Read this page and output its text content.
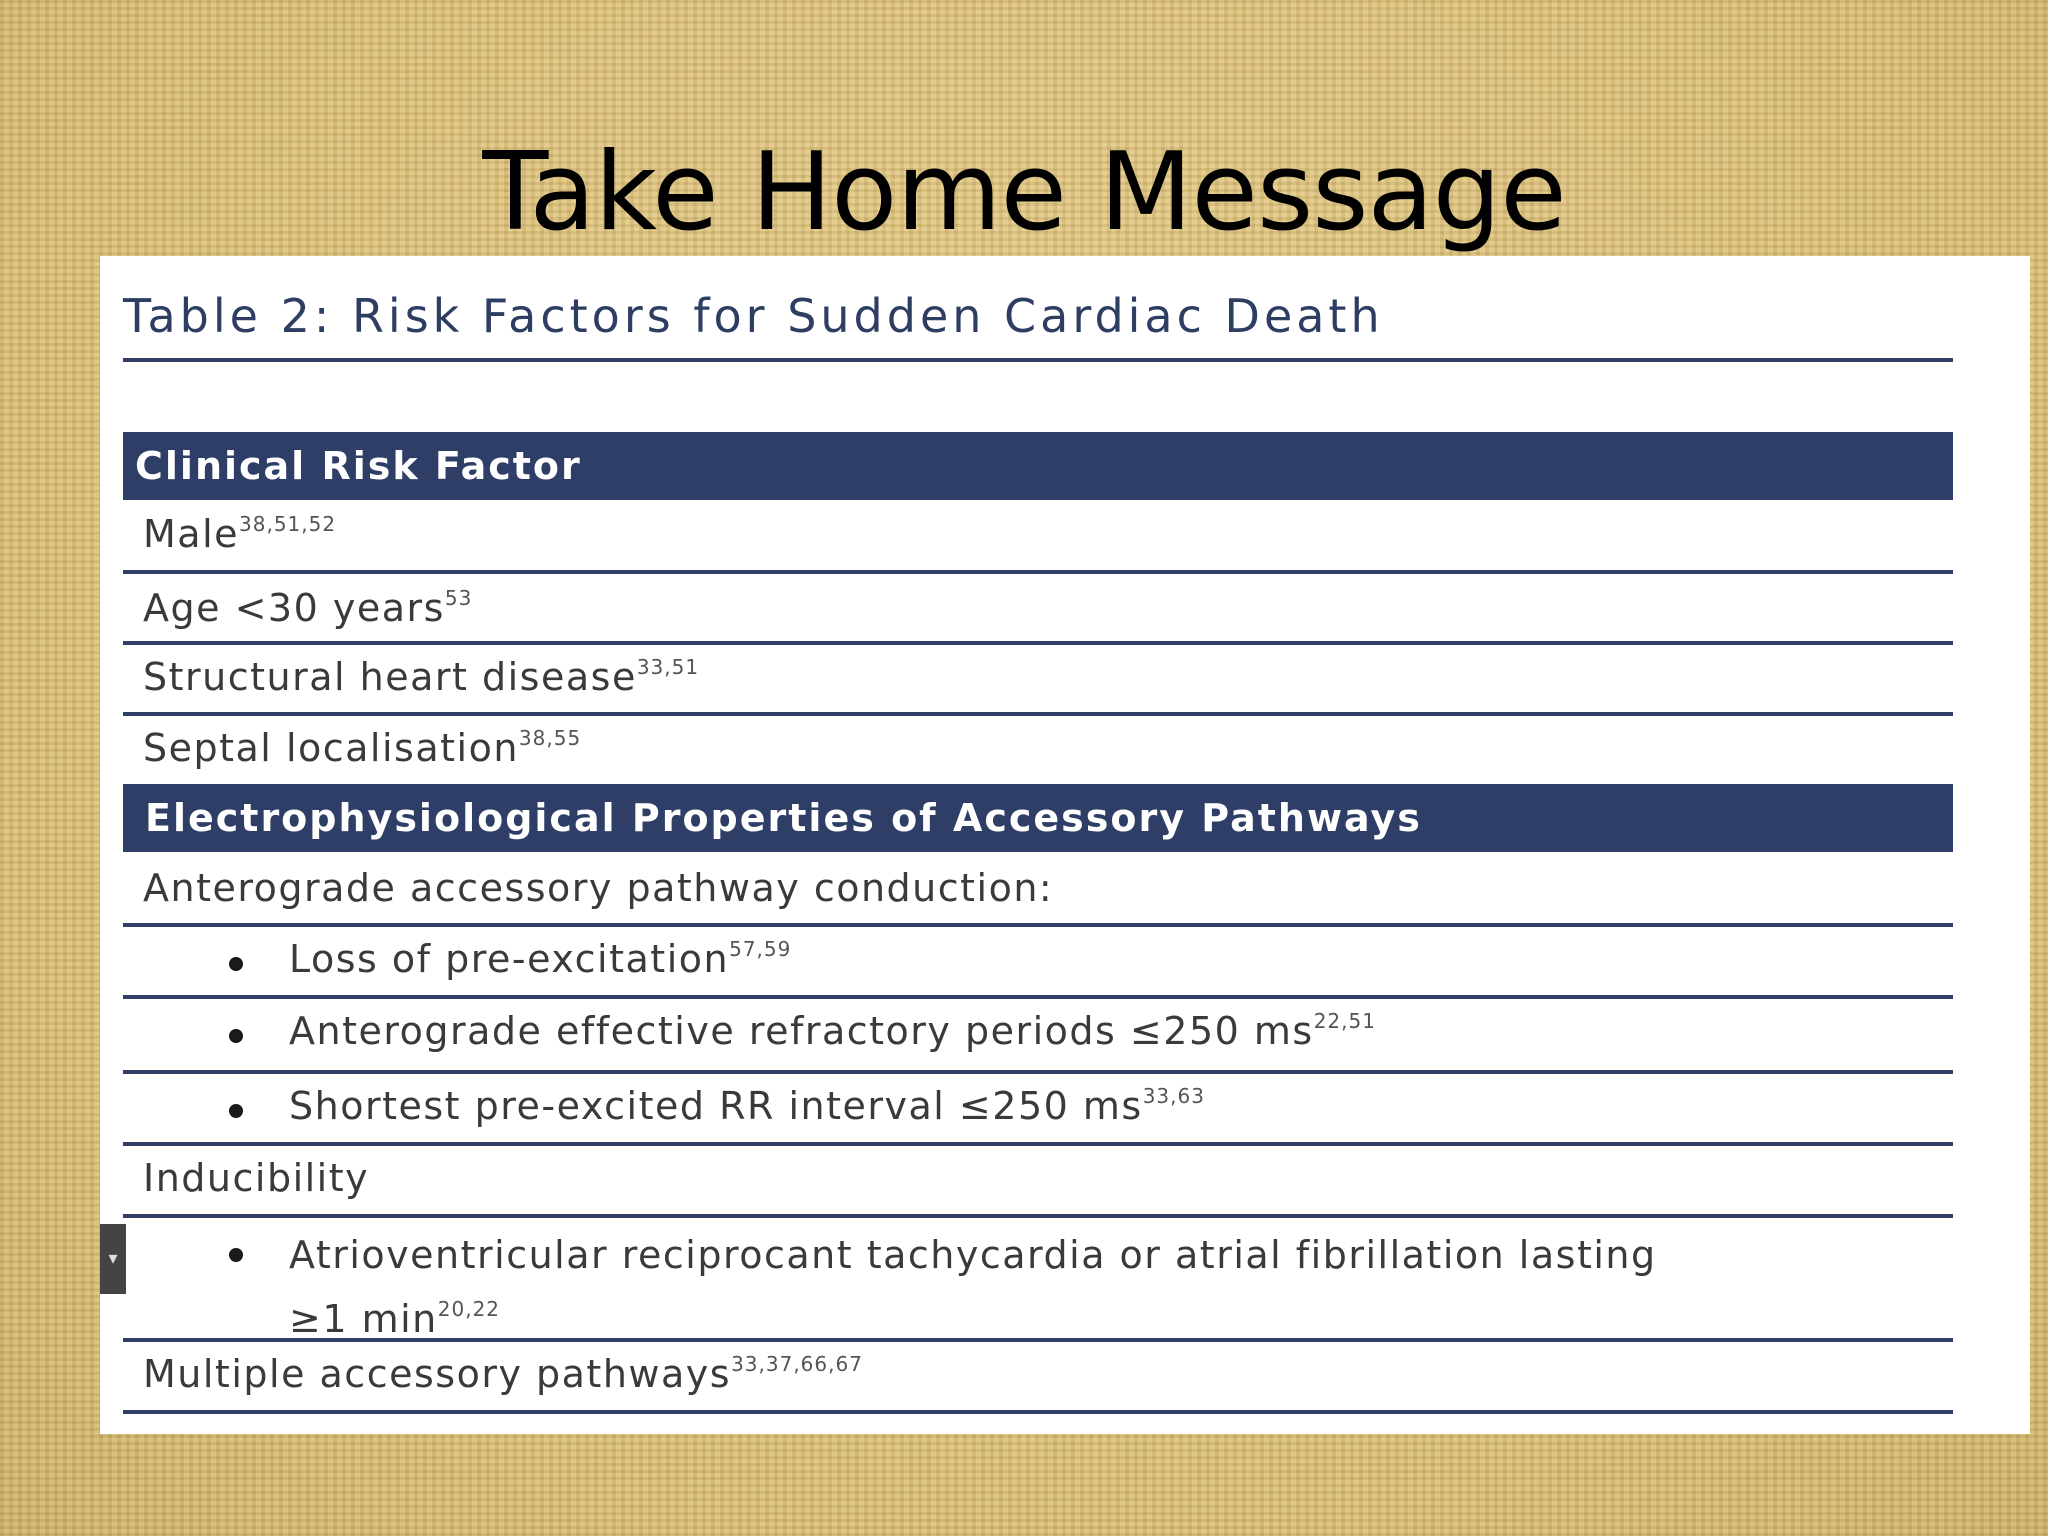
Take Home Message
▾
Table 2: Risk Factors for Sudden Cardiac Death
Clinical Risk Factor
Male$^{38,51,52}$
Age <30 years$^{53}$
Structural heart disease$^{33,51}$
Septal localisation$^{38,55}$
Electrophysiological Properties of Accessory Pathways
Anterograde accessory pathway conduction:
Loss of pre-excitation$^{57,59}$
Anterograde effective refractory periods ≤250 ms$^{22,51}$
Shortest pre-excited RR interval ≤250 ms$^{33,63}$
Inducibility
Atrioventricular reciprocant tachycardia or atrial fibrillation lasting
≥1 $\min^{20,22}$
Multiple accessory pathways$^{33,37,66,67}$
